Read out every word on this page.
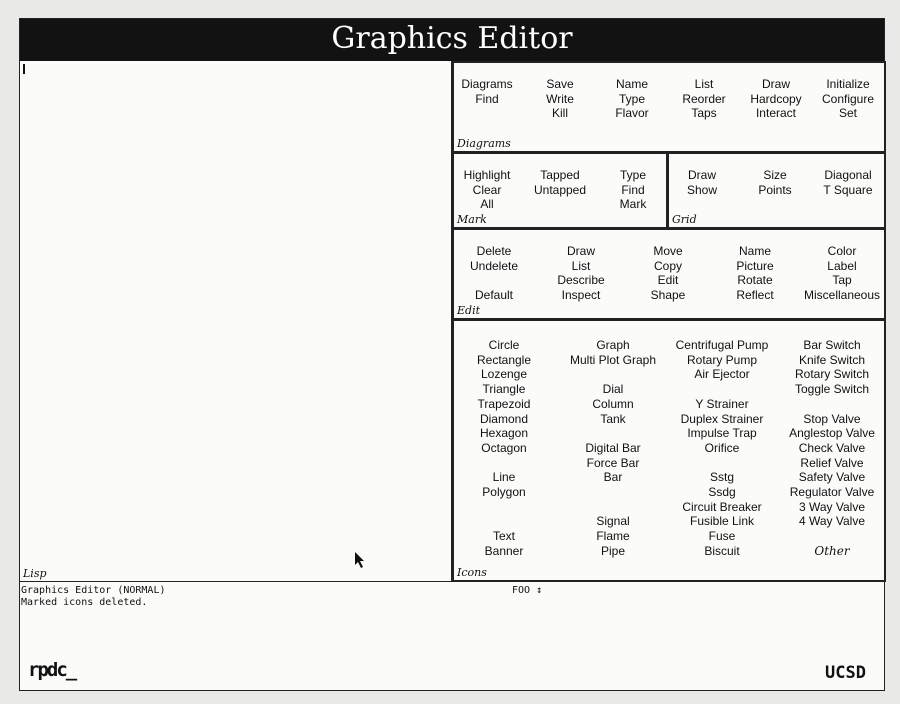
Graphics Editor
Lisp
Initialize
Configure
Set
Draw
Hardcopy
Interact
List
Reorder
Taps
Name
Type
Flavor
Save
Write
Kill
Diagrams
Find
Diagrams
Type
Find
Mark
Tapped
Untapped
Highlight
Clear
All
Mark
Diagonal
T Square
Size
Points
Draw
Show
Grid
Color
Label
Tap
Miscellaneous
Name
Picture
Rotate
Reflect
Move
Copy
Edit
Shape
Draw
List
Describe
Inspect
Delete
Undelete

Default
Edit
Bar Switch
Knife Switch
Rotary Switch
Toggle Switch

Stop Valve
Anglestop Valve
Check Valve
Relief Valve
Safety Valve
Regulator Valve
3 Way Valve
4 Way Valve

Other
Centrifugal Pump
Rotary Pump
Air Ejector

Y Strainer
Duplex Strainer
Impulse Trap
Orifice

Sstg
Ssdg
Circuit Breaker
Fusible Link
Fuse
Biscuit
Graph
Multi Plot Graph

Dial
Column
Tank

Digital Bar
Force Bar
Bar

Signal
Flame
Pipe
Circle
Rectangle
Lozenge
Triangle
Trapezoid
Diamond
Hexagon
Octagon

Line
Polygon

Text
Banner
Icons
Graphics Editor (NORMAL)
Marked icons deleted.
FOO ↕
rpdc_	UCSD
